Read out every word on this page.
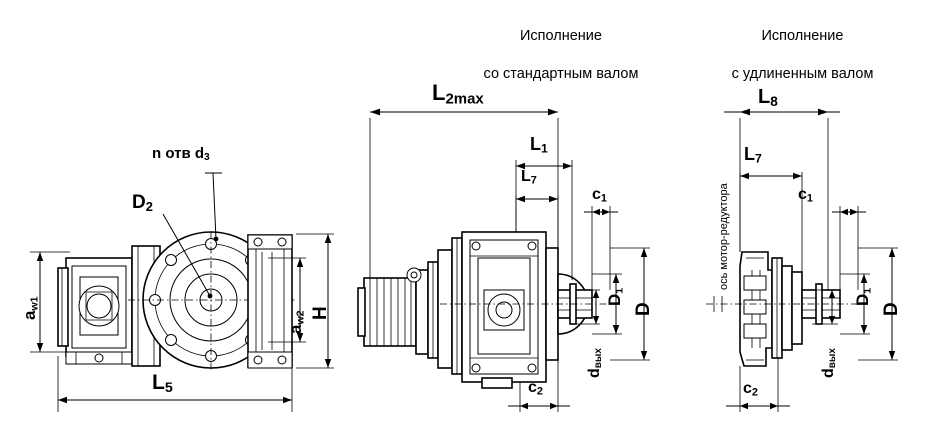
Исполнение

со стандартным валом

Исполнение

с удлиненным валом

n отв $d_3$
$D_2$
aw1
aw2 H
$L_5$
$L_{2max}$
$L_1$
$L_7$
$c_1$
D1
D
dвых
$c_2$
ось мотор-редуктора
$L_8$
$L_7$
$c_1$
D1
D
dвых
$c_2$
